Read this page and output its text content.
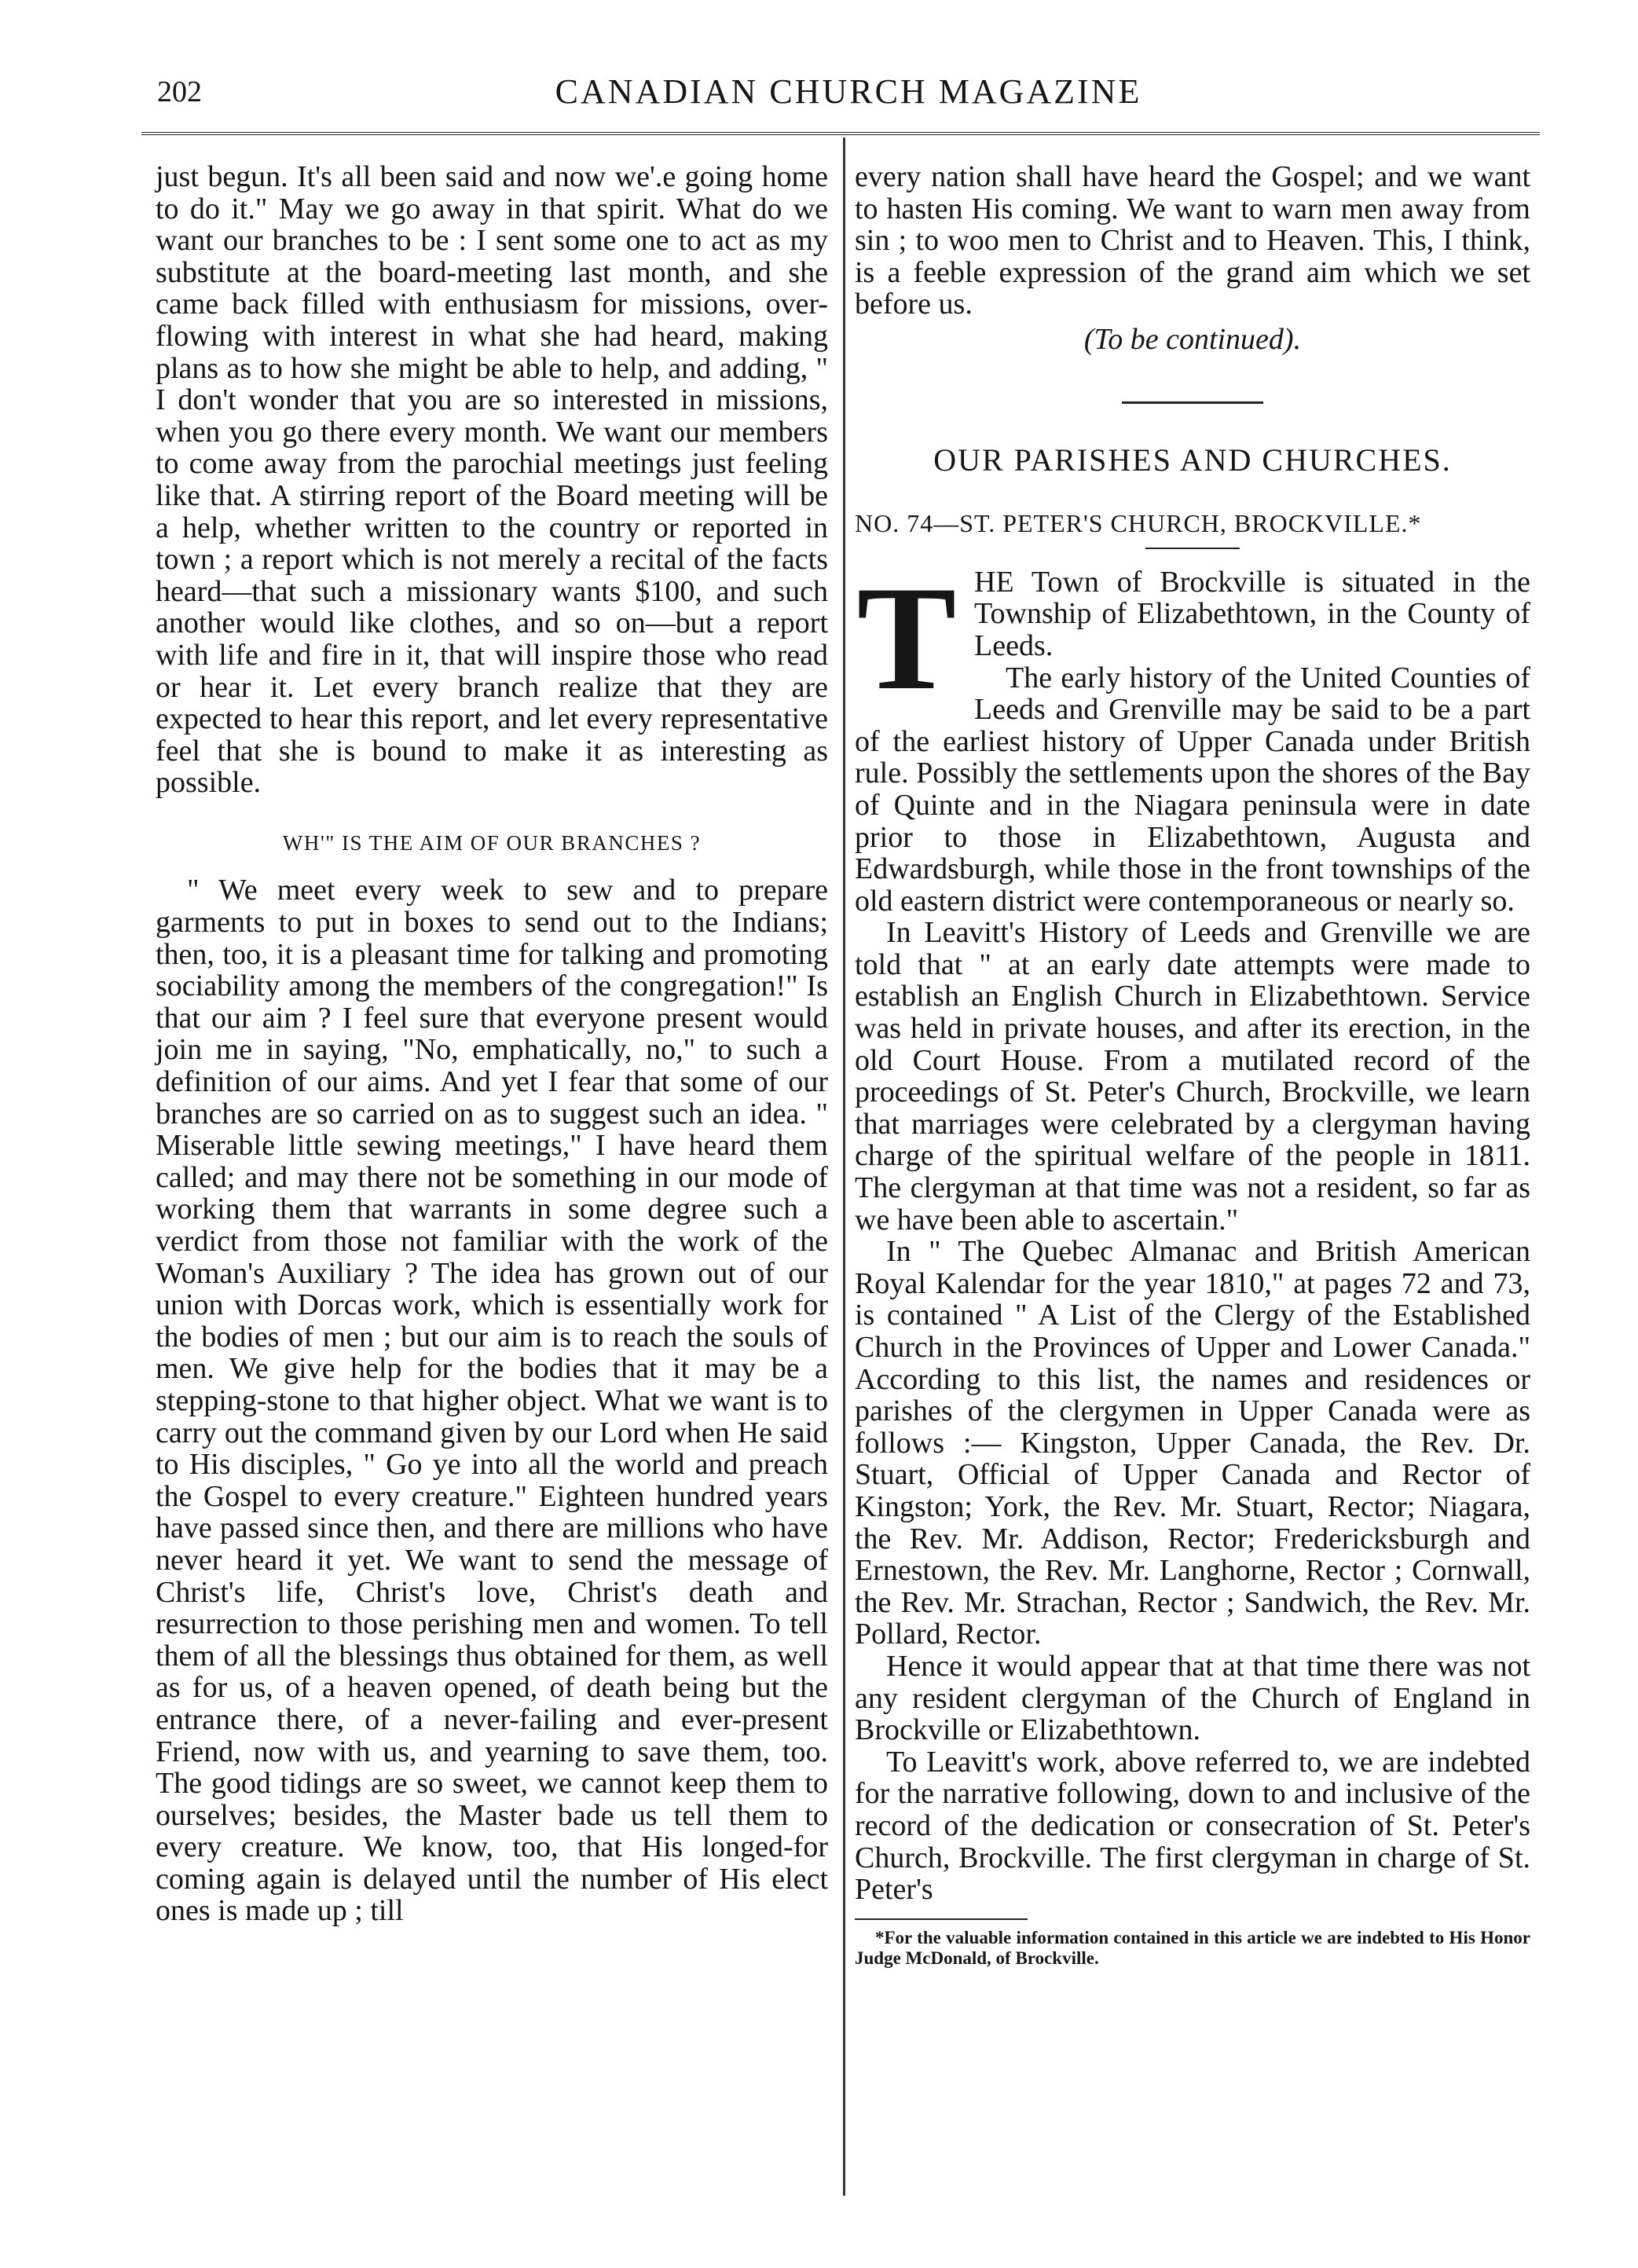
202	CANADIAN CHURCH MAGAZINE

just begun. It's all been said and now we'.e going home to do it." May we go away in that spirit. What do we want our branches to be : I sent some one to act as my substitute at the board-meeting last month, and she came back filled with enthusiasm for missions, over-flowing with interest in what she had heard, making plans as to how she might be able to help, and adding, " I don't wonder that you are so interested in missions, when you go there every month. We want our members to come away from the parochial meetings just feeling like that. A stirring report of the Board meeting will be a help, whether written to the country or reported in town ; a report which is not merely a recital of the facts heard—that such a missionary wants $100, and such another would like clothes, and so on—but a report with life and fire in it, that will inspire those who read or hear it. Let every branch realize that they are expected to hear this report, and let every representative feel that she is bound to make it as interesting as possible.

WH'" IS THE AIM OF OUR BRANCHES ?

" We meet every week to sew and to prepare garments to put in boxes to send out to the Indians; then, too, it is a pleasant time for talking and promoting sociability among the members of the congregation!" Is that our aim ? I feel sure that everyone present would join me in saying, "No, emphatically, no," to such a definition of our aims. And yet I fear that some of our branches are so carried on as to suggest such an idea. " Miserable little sewing meetings," I have heard them called; and may there not be something in our mode of working them that warrants in some degree such a verdict from those not familiar with the work of the Woman's Auxiliary ? The idea has grown out of our union with Dorcas work, which is essentially work for the bodies of men ; but our aim is to reach the souls of men. We give help for the bodies that it may be a stepping-stone to that higher object. What we want is to carry out the command given by our Lord when He said to His disciples, " Go ye into all the world and preach the Gospel to every creature." Eighteen hundred years have passed since then, and there are millions who have never heard it yet. We want to send the message of Christ's life, Christ's love, Christ's death and resurrection to those perishing men and women. To tell them of all the blessings thus obtained for them, as well as for us, of a heaven opened, of death being but the entrance there, of a never-failing and ever-present Friend, now with us, and yearning to save them, too. The good tidings are so sweet, we cannot keep them to ourselves; besides, the Master bade us tell them to every creature. We know, too, that His longed-for coming again is delayed until the number of His elect ones is made up ; till

every nation shall have heard the Gospel; and we want to hasten His coming. We want to warn men away from sin ; to woo men to Christ and to Heaven. This, I think, is a feeble expression of the grand aim which we set before us.

(To be continued).
OUR PARISHES AND CHURCHES.
NO. 74—ST. PETER'S CHURCH, BROCKVILLE.*

THE Town of Brockville is situated in the Township of Elizabethtown, in the County of Leeds.

The early history of the United Counties of Leeds and Grenville may be said to be a part of the earliest history of Upper Canada under British rule. Possibly the settlements upon the shores of the Bay of Quinte and in the Niagara peninsula were in date prior to those in Elizabethtown, Augusta and Edwardsburgh, while those in the front townships of the old eastern district were contemporaneous or nearly so.

In Leavitt's History of Leeds and Grenville we are told that " at an early date attempts were made to establish an English Church in Elizabethtown. Service was held in private houses, and after its erection, in the old Court House. From a mutilated record of the proceedings of St. Peter's Church, Brockville, we learn that marriages were celebrated by a clergyman having charge of the spiritual welfare of the people in 1811. The clergyman at that time was not a resident, so far as we have been able to ascertain."

In " The Quebec Almanac and British American Royal Kalendar for the year 1810," at pages 72 and 73, is contained " A List of the Clergy of the Established Church in the Provinces of Upper and Lower Canada." According to this list, the names and residences or parishes of the clergymen in Upper Canada were as follows :— Kingston, Upper Canada, the Rev. Dr. Stuart, Official of Upper Canada and Rector of Kingston; York, the Rev. Mr. Stuart, Rector; Niagara, the Rev. Mr. Addison, Rector; Fredericksburgh and Ernestown, the Rev. Mr. Langhorne, Rector ; Cornwall, the Rev. Mr. Strachan, Rector ; Sandwich, the Rev. Mr. Pollard, Rector.

Hence it would appear that at that time there was not any resident clergyman of the Church of England in Brockville or Elizabethtown.

To Leavitt's work, above referred to, we are indebted for the narrative following, down to and inclusive of the record of the dedication or consecration of St. Peter's Church, Brockville. The first clergyman in charge of St. Peter's

*For the valuable information contained in this article we are indebted to His Honor Judge McDonald, of Brockville.
